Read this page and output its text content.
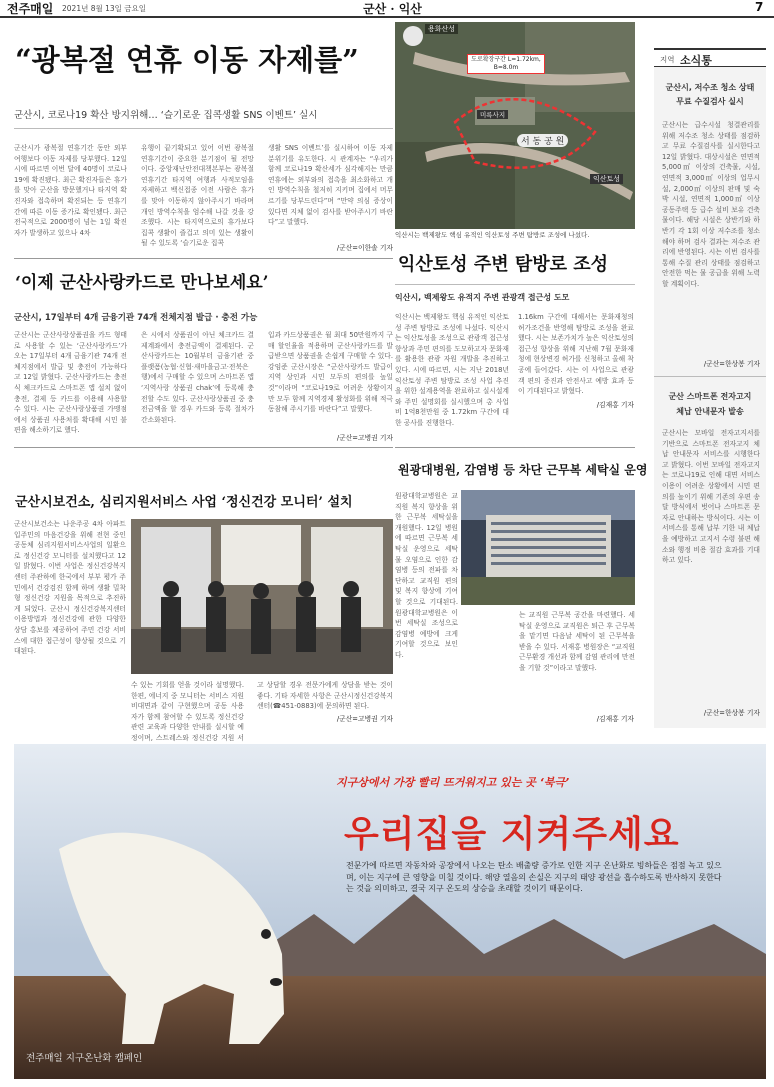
전주매일 2021년 8월 13일 금요일	군산 · 익산	7
“광복절 연휴 이동 자제를”
군산시, 코로나19 확산 방지위해… ‘슬기로운 집콕생활 SNS 이벤트’ 실시
군산시가 광복절 연휴기간 동안 외부 여행보다 이동 자제를 당부했다. 12일 시에 따르면 이번 달에 40명이 코로나19에 확진됐다. 최근 확진자들은 휴가를 맞아 군산을 방문했거나 타지역 확진자와 접촉하며 확진되는 등 연휴기간에 따른 이동 증가로 확인됐다. 최근 전국적으로 2000명이 넘는 1일 확진자가 발생하고 있으나 4차
유행이 끝기확되고 있어 이번 광복절 연휴기간이 중요한 분기점이 될 전망이다. 중앙재난안전대책본부는 광복절 연휴기간 타지역 여행과 사적모임을 자제하고 백신접종 이전 사람은 휴가를 맞아 이동하지 않아주시기 바라며 개인 방역수칙을 엄수해 나갈 것을 강조했다. 시는 타지역으로의 휴가보다 집콕 생활이 즐겁고 의미 있는 생활이 될 수 있도록 ‘슬기로운 집콕
생활 SNS 이벤트’를 실시하여 이동 자제 분위기를 유도한다. 시 관계자는 “우리가 함께 코로나19 확산세가 심각해지는 만큼 연휴에는 외부와의 접촉을 최소화하고 개인 방역수칙을 철저히 지키며 집에서 머무르기를 당부드린다”며 “만약 의심 증상이 있다면 지체 없이 검사를 받아주시기 바란다”고 말했다.
/군산=이한솔 기자
‘이제 군산사랑카드로 만나보세요’
군산시, 17일부터 4개 금융기관 74개 전체지점 발급 · 충전 가능
군산시는 군산사랑상품권을 카드 형태로 사용할 수 있는 ‘군산사랑카드’가 오는 17일부터 4개 금융기관 74개 전체지점에서 발급 및 충전이 가능하다고 12일 밝혔다. 군산사랑카드는 충전식 체크카드로 스마트폰 앱 설치 없이 충전, 결제 등 카드를 이용해 사용할 수 있다. 시는 군산사랑상품권 가맹점에서 상품권 사용처를 확대해 시민 불편을 해소하기로 했다.
은 시에서 상품권이 아닌 체크카드 결제계좌에서 충전금액이 결제된다. 군산사랑카드는 10월부터 금융기관 중 플랫폼(농협·신협·새마을금고·전북은행)에서 구매할 수 있으며 스마트폰 앱 ‘지역사랑 상품권 chak’에 등록해 충전할 수도 있다. 군산사랑상품권 중 충전금액을 할 경우 카드와 등록 절차가 간소화된다.
입과 카드상품권은 월 최대 50만원까지 구매 할인율을 적용하며 군산사랑카드를 발급받으면 상품권을 손쉽게 구매할 수 있다. 강임준 군산시장은 “군산사랑카드 발급이 지역 상인과 시민 모두의 편의를 높일 것”이라며 “코로나19로 어려운 상황이지만 모두 함께 지역경제 활성화를 위해 적극 동참해 주시기를 바란다”고 말했다.
/군산=고병권 기자
군산시보건소, 심리지원서비스 사업 ‘정신건강 모니터’ 설치
군산시보건소는 나운주공 4차 아파트 입주민의 마음건강을 위해 전현 중인 공동체 심리지원서비스사업의 일환으로 정신건강 모니터를 설치했다고 12일 밝혔다. 이번 사업은 정신건강복지센터 주관하에 한국에서 부부 평가 주민에서 건강검진 함께 하며 생활 밀착형 정신건강 지원을 목적으로 추진하게 되었다. 군산시 정신건강복지센터 이용방법과 정신건강에 관한 다양한 상담 홍보를 제공하여 주민 건강 서비스에 대한 접근성이 향상될 것으로 기대된다.
수 있는 기회를 얻을 것이라 설명했다. 한편, 에너지 중 모니터는 서비스 지원 비대면과 같이 구현했으며 공동 사용자가 함께 참여할 수 있도록 정신건강 관련 교육과 다양한 안내를 실시할 예정이며, 스트레스와 정신건강 지원 서
고 상담할 경우 전문가에게 상담을 받는 것이 좋다. 기타 자세한 사항은 군산시정신건강복지센터(☎451-0883)에 문의하면 된다.
/군산=고병권 기자
용화산성
도로확장구간 L=1.72km, B=8.0m
미륵사지
서 동 공 원
익산토성
익산시는 백제왕도 핵심 유적인 익산토성 주변 탐방로 조성에 나섰다.
익산토성 주변 탐방로 조성
익산시, 백제왕도 유적지 주변 관광객 접근성 도모
익산시는 백제왕도 핵심 유적인 익산토성 주변 탐방로 조성에 나섰다. 익산시는 익산토성을 조성으로 관광객 접근성 향상과 주민 편의를 도모하고자 문화재를 활용한 관광 자원 개발을 추진하고 있다. 시에 따르면, 시는 지난 2018년 익산토성 주변 탐방로 조성 사업 추진을 위한 설계용역을 완료하고 실시설계와 주민 설명회를 실시했으며 총 사업비 1억8천만원 중 1.72km 구간에 대한 공사를 진행한다.
1.16km 구간에 대해서는 문화재청의 허가조건을 반영해 탐방로 조성을 완료했다. 시는 보존가치가 높은 익산토성의 접근성 향상을 위해 지난해 7월 문화재청에 현상변경 허가를 신청하고 올해 착공에 들어갔다. 시는 이 사업으로 관광객 편의 증진과 안전사고 예방 효과 등이 기대된다고 밝혔다.
/김재홍 기자
원광대병원, 감염병 등 차단 근무복 세탁실 운영
원광대학교병원은 교직원 복지 향상을 위한 근무복 세탁실을 개원했다. 12일 병원에 따르면 근무복 세탁실 운영으로 세탁물 오염으로 인한 감염병 등의 전파를 차단하고 교직원 편의 및 복지 향상에 기여할 것으로 기대된다. 원광대학교병원은 이번 세탁실 조성으로 감염병 예방에 크게 기여할 것으로 보인다.
는 교직원 근무복 공간을 마련했다. 세탁실 운영으로 교직원은 퇴근 후 근무복을 맡기면 다음날 세탁이 된 근무복을 받을 수 있다. 서재홍 병원장은 “교직원 근무환경 개선과 함께 감염 관리에 만전을 기할 것”이라고 말했다.
/김재홍 기자
지역 소식통
군산시, 저수조 청소 상태
무료 수질검사 실시
군산시는 급수시설 청결관리를 위해 저수조 청소 상태를 점검하고 무료 수질검사를 실시한다고 12일 밝혔다. 대상시설은 연면적 5,000㎡ 이상의 건축물, 시설, 연면적 3,000㎡ 이상의 업무시설, 2,000㎡ 이상의 판매 및 숙박 시설, 연면적 1,000㎡ 이상 공동주택 등 급수 설비 보유 건축물이다. 해당 시설은 상반기와 하반기 각 1회 이상 저수조를 청소해야 하며 검사 결과는 저수조 관리에 반영된다. 시는 이번 검사를 통해 수질 관리 상태를 점검하고 안전한 먹는 물 공급을 위해 노력할 계획이다.
/군산=한상봉 기자
군산 스마트폰 전자고지
체납 안내문자 발송
군산시는 모바일 전자고지서를 기반으로 스마트폰 전자고지 체납 안내문자 서비스를 시행한다고 밝혔다. 이번 모바일 전자고지는 코로나19로 인해 대면 서비스 이용이 어려운 상황에서 시민 편의를 높이기 위해 기존의 우편 송달 방식에서 벗어나 스마트폰 문자로 안내하는 방식이다. 시는 이 서비스를 통해 납부 기한 내 체납을 예방하고 고지서 수령 불편 해소와 행정 비용 절감 효과를 기대하고 있다.
/군산=한상봉 기자
지구상에서 가장 빨리 뜨거워지고 있는 곳 ‘북극’
우리집을 지켜주세요
전문가에 따르면 자동차와 공장에서 나오는 탄소 배출량 증가로 인한 지구 온난화로 빙하들은 점점 녹고 있으며, 이는 지구에 큰 영향을 미칠 것이다. 해양 열음의 손실은 지구의 태양 광선을 흡수하도록 반사하지 못한다는 것을 의미하고, 결국 지구 온도의 상승을 초래할 것이기 때문이다.
전주매일 지구온난화 캠페인
